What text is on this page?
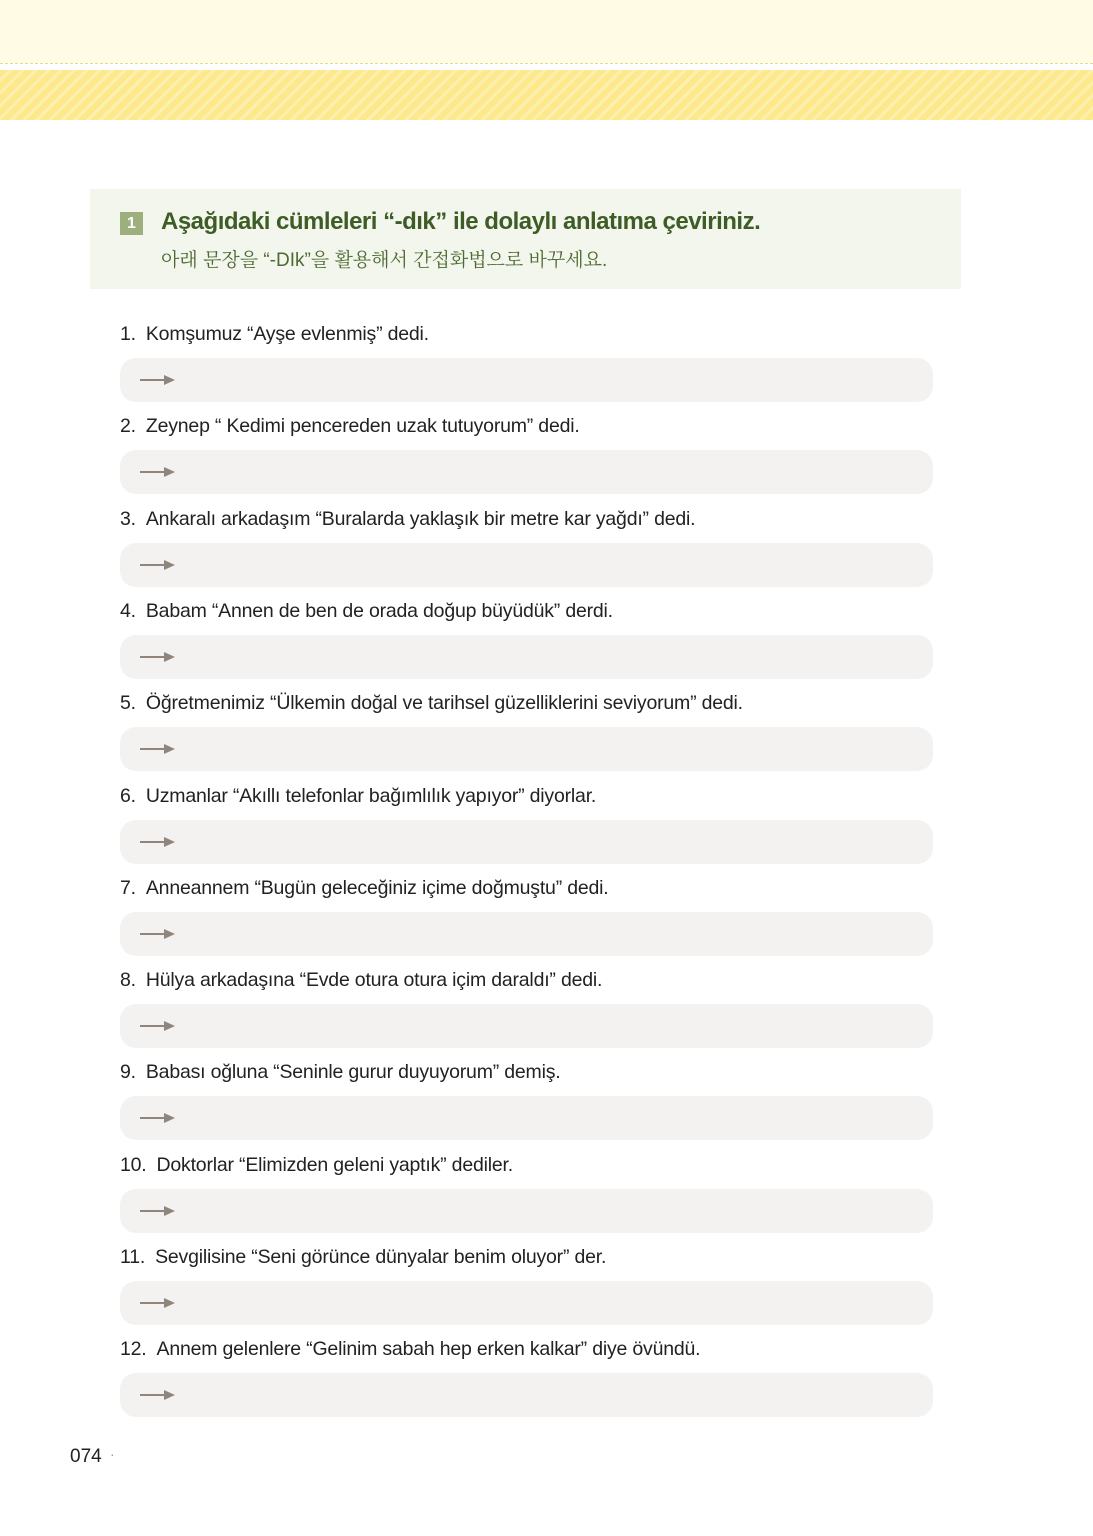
1 Aşağıdaki cümleleri “-dık” ile dolaylı anlatıma çeviriniz.
아래 문장을 “-DIk”을 활용해서 간접화법으로 바꾸세요.
1. Komşumuz “Ayşe evlenmiş” dedi.
2. Zeynep “ Kedimi pencereden uzak tutuyorum” dedi.
3. Ankaralı arkadaşım “Buralarda yaklaşık bir metre kar yağdı” dedi.
4. Babam “Annen de ben de orada doğup büyüdük” derdi.
5. Öğretmenimiz “Ülkemin doğal ve tarihsel güzelliklerini seviyorum” dedi.
6. Uzmanlar “Akıllı telefonlar bağımlılık yapıyor” diyorlar.
7. Anneannem “Bugün geleceğiniz içime doğmuştu” dedi.
8. Hülya arkadaşına “Evde otura otura içim daraldı” dedi.
9. Babası oğluna “Seninle gurur duyuyorum” demiş.
10. Doktorlar “Elimizden geleni yaptık” dediler.
11. Sevgilisine “Seni görünce dünyalar benim oluyor” der.
12. Annem gelenlere “Gelinim sabah hep erken kalkar” diye övündü.
074 ·
